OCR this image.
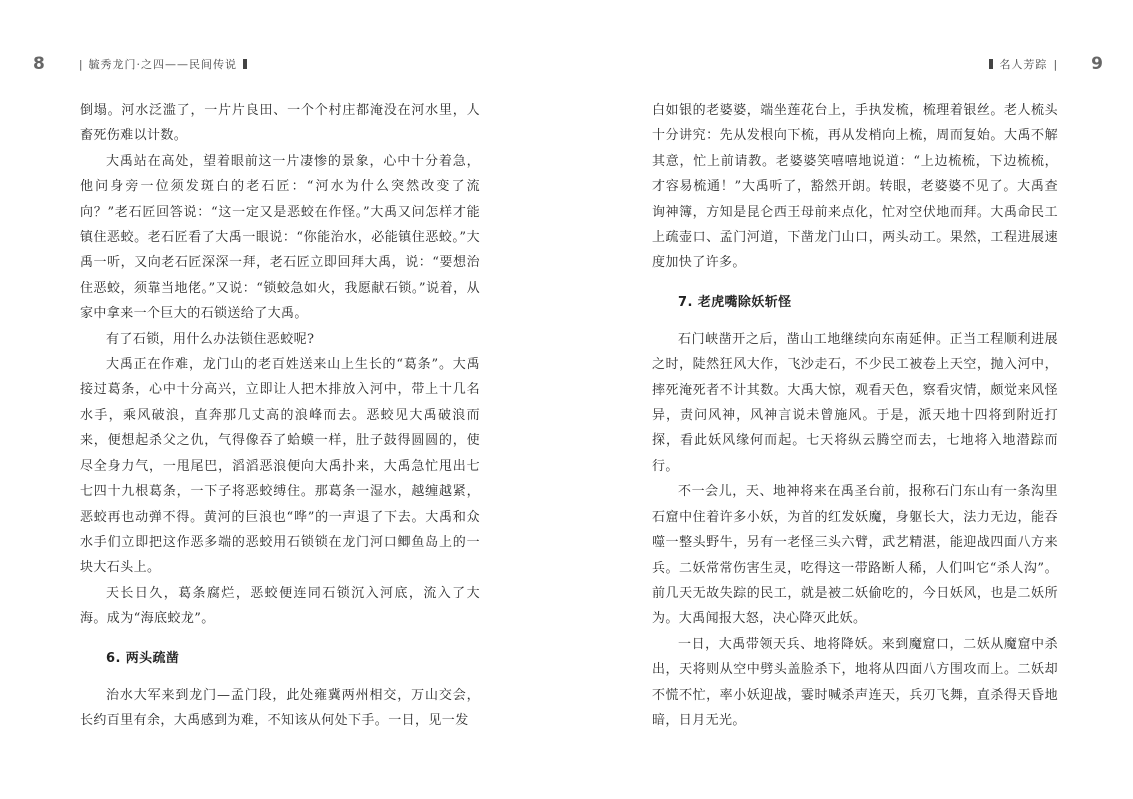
8	| 毓秀龙门·之四——民间传说

倒塌。河水泛滥了，一片片良田、一个个村庄都淹没在河水里，人畜死伤难以计数。

大禹站在高处，望着眼前这一片凄惨的景象，心中十分着急，他问身旁一位须发斑白的老石匠：“河水为什么突然改变了流向？”老石匠回答说：“这一定又是恶蛟在作怪。”大禹又问怎样才能镇住恶蛟。老石匠看了大禹一眼说：“你能治水，必能镇住恶蛟。”大禹一听，又向老石匠深深一拜，老石匠立即回拜大禹，说：“要想治住恶蛟，须靠当地佬。”又说：“锁蛟急如火，我愿献石锁。”说着，从家中拿来一个巨大的石锁送给了大禹。

有了石锁，用什么办法锁住恶蛟呢?

大禹正在作难，龙门山的老百姓送来山上生长的“葛条”。大禹接过葛条，心中十分高兴，立即让人把木排放入河中，带上十几名水手，乘风破浪，直奔那几丈高的浪峰而去。恶蛟见大禹破浪而来，便想起杀父之仇，气得像吞了蛤蟆一样，肚子鼓得圆圆的，使尽全身力气，一甩尾巴，滔滔恶浪便向大禹扑来，大禹急忙甩出七七四十九根葛条，一下子将恶蛟缚住。那葛条一湿水，越缠越紧，恶蛟再也动弹不得。黄河的巨浪也“哗”的一声退了下去。大禹和众水手们立即把这作恶多端的恶蛟用石锁锁在龙门河口鲫鱼岛上的一块大石头上。

天长日久，葛条腐烂，恶蛟便连同石锁沉入河底，流入了大海。成为“海底蛟龙”。

6. 两头疏凿

治水大军来到龙门—孟门段，此处雍冀两州相交，万山交会，长约百里有余，大禹感到为难，不知该从何处下手。一日，见一发

名人芳踪 | 9

白如银的老婆婆，端坐莲花台上，手执发梳，梳理着银丝。老人梳头十分讲究：先从发根向下梳，再从发梢向上梳，周而复始。大禹不解其意，忙上前请教。老婆婆笑嘻嘻地说道：“上边梳梳，下边梳梳，才容易梳通！”大禹听了，豁然开朗。转眼，老婆婆不见了。大禹查询神簿，方知是昆仑西王母前来点化，忙对空伏地而拜。大禹命民工上疏壶口、孟门河道，下凿龙门山口，两头动工。果然，工程进展速度加快了许多。

7. 老虎嘴除妖斩怪

石门峡凿开之后，凿山工地继续向东南延伸。正当工程顺利进展之时，陡然狂风大作，飞沙走石，不少民工被卷上天空，抛入河中，摔死淹死者不计其数。大禹大惊，观看天色，察看灾情，颇觉来风怪异，责问风神，风神言说未曾施风。于是，派天地十四将到附近打探，看此妖风缘何而起。七天将纵云腾空而去，七地将入地潜踪而行。

不一会儿，天、地神将来在禹圣台前，报称石门东山有一条沟里石窟中住着许多小妖，为首的红发妖魔，身躯长大，法力无边，能吞噬一整头野牛，另有一老怪三头六臂，武艺精湛，能迎战四面八方来兵。二妖常常伤害生灵，吃得这一带路断人稀，人们叫它“杀人沟”。前几天无故失踪的民工，就是被二妖偷吃的，今日妖风，也是二妖所为。大禹闻报大怒，决心降灭此妖。

一日，大禹带领天兵、地将降妖。来到魔窟口，二妖从魔窟中杀出，天将则从空中劈头盖脸杀下，地将从四面八方围攻而上。二妖却不慌不忙，率小妖迎战，霎时喊杀声连天，兵刃飞舞，直杀得天昏地暗，日月无光。
